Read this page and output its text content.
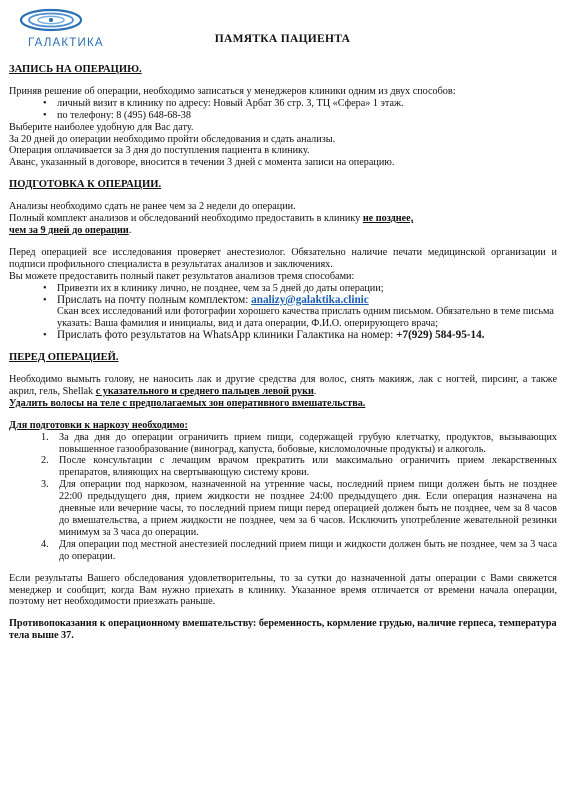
ГАЛАКТИКА	ПАМЯТКА ПАЦИЕНТА

ЗАПИСЬ НА ОПЕРАЦИЮ.

Приняв решение об операции, необходимо записаться у менеджеров клиники одним из двух способов:

• личный визит в клинику по адресу: Новый Арбат 36 стр. 3, ТЦ «Сфера» 1 этаж.
• по телефону: 8 (495) 648-68-38

Выберите наиболее удобную для Вас дату.

За 20 дней до операции необходимо пройти обследования и сдать анализы.

Операция оплачивается за 3 дня до поступления пациента в клинику.

Аванс, указанный в договоре, вносится в течении 3 дней с момента записи на операцию.

ПОДГОТОВКА К ОПЕРАЦИИ.

Анализы необходимо сдать не ранее чем за 2 недели до операции.

Полный комплект анализов и обследований необходимо предоставить в клинику не позднее,

чем за 9 дней до операции.

Перед операцией все исследования проверяет анестезиолог. Обязательно наличие печати медицинской организации и подписи профильного специалиста в результатах анализов и заключениях.

Вы можете предоставить полный пакет результатов анализов тремя способами:

• Привезти их в клинику лично, не позднее, чем за 5 дней до даты операции;
• Прислать на почту полным комплектом: analizy@galaktika.clinic
Скан всех исследований или фотографии хорошего качества прислать одним письмом. Обязательно в теме письма указать: Ваша фамилия и инициалы, вид и дата операции, Ф.И.О. оперирующего врача;
• Прислать фото результатов на WhatsApp клиники Галактика на номер: +7(929) 584-95-14.

ПЕРЕД ОПЕРАЦИЕЙ.

Необходимо вымыть голову, не наносить лак и другие средства для волос, снять макияж, лак с ногтей, пирсинг, а также акрил, гель, Shellak с указательного и среднего пальцев левой руки.

Удалить волосы на теле с предполагаемых зон оперативного вмешательства.

Для подготовки к наркозу необходимо:

1. За два дня до операции ограничить прием пищи, содержащей грубую клетчатку, продуктов, вызывающих повышенное газообразование (виноград, капуста, бобовые, кисломолочные продукты) и алкоголь.
2. После консультации с лечащим врачом прекратить или максимально ограничить прием лекарственных препаратов, влияющих на свертывающую систему крови.
3. Для операции под наркозом, назначенной на утренние часы, последний прием пищи должен быть не позднее 22:00 предыдущего дня, прием жидкости не позднее 24:00 предыдущего дня. Если операция назначена на дневные или вечерние часы, то последний прием пищи перед операцией должен быть не позднее, чем за 8 часов до вмешательства, а прием жидкости не позднее, чем за 6 часов. Исключить употребление жевательной резинки минимум за 3 часа до операции.
4. Для операции под местной анестезией последний прием пищи и жидкости должен быть не позднее, чем за 3 часа до операции.

Если результаты Вашего обследования удовлетворительны, то за сутки до назначенной даты операции с Вами свяжется менеджер и сообщит, когда Вам нужно приехать в клинику. Указанное время отличается от времени начала операции, поэтому нет необходимости приезжать раньше.

Противопоказания к операционному вмешательству: беременность, кормление грудью, наличие герпеса, температура тела выше 37.
